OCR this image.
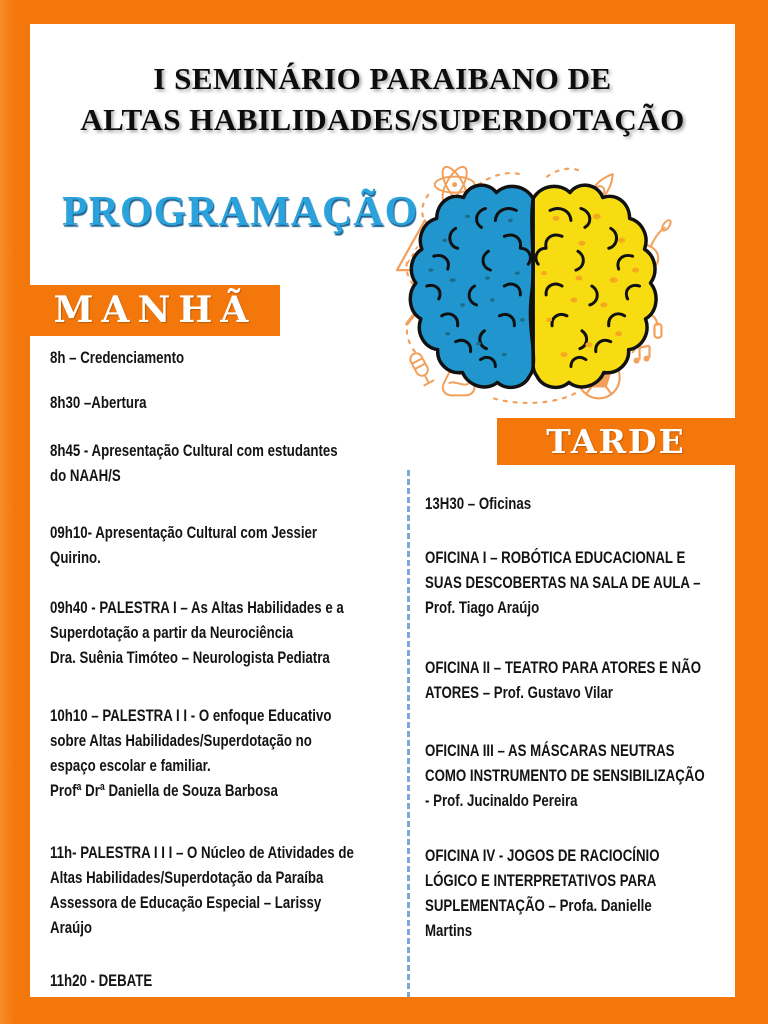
I SEMINÁRIO PARAIBANO DE
ALTAS HABILIDADES/SUPERDOTAÇÃO
PROGRAMAÇÃO
MANHÃ
TARDE
8h – Credenciamento
8h30 –Abertura
8h45 - Apresentação Cultural com estudantes
do NAAH/S
09h10- Apresentação Cultural com Jessier
Quirino.
09h40 - PALESTRA I – As Altas Habilidades e a
Superdotação a partir da Neurociência
Dra. Suênia Timóteo – Neurologista Pediatra
10h10 – PALESTRA I I - O enfoque Educativo
sobre Altas Habilidades/Superdotação no
espaço escolar e familiar.
Profª Drª Daniella de Souza Barbosa
11h- PALESTRA I I I – O Núcleo de Atividades de
Altas Habilidades/Superdotação da Paraíba
Assessora de Educação Especial – Larissy
Araújo
11h20 - DEBATE
13H30 – Oficinas
OFICINA I – ROBÓTICA EDUCACIONAL E
SUAS DESCOBERTAS NA SALA DE AULA –
Prof. Tiago Araújo
OFICINA II – TEATRO PARA ATORES E NÃO
ATORES – Prof. Gustavo Vilar
OFICINA III – AS MÁSCARAS NEUTRAS
COMO INSTRUMENTO DE SENSIBILIZAÇÃO
- Prof. Jucinaldo Pereira
OFICINA IV - JOGOS DE RACIOCÍNIO
LÓGICO E INTERPRETATIVOS PARA
SUPLEMENTAÇÃO – Profa. Danielle
Martins
